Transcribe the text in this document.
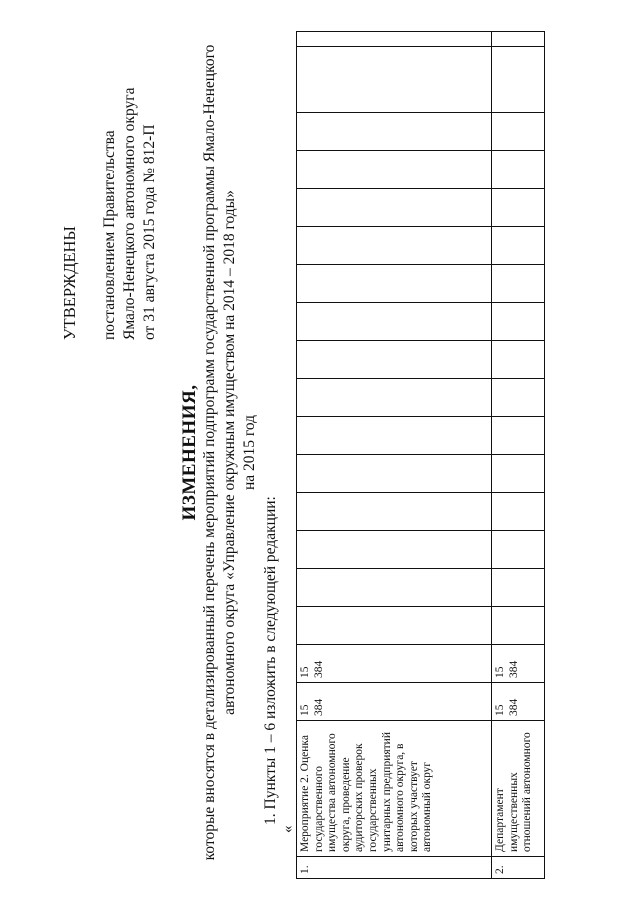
УТВЕРЖДЕНЫ постановлением Правительства Ямало-Ненецкого автономного округа от 31 августа 2015 года № 812-П
ИЗМЕНЕНИЯ, которые вносятся в детализированный перечень мероприятий подпрограмм государственной программы Ямало-Ненецкого автономного округа «Управление окружным имуществом на 2014 – 2018 годы» на 2015 год
1. Пункты 1 – 6 изложить в следующей редакции:
«
1.	Мероприятие 2. Оценка государственного имущества автономного округа, проведение аудиторских проверок государственных унитарных предприятий автономного округа, в которых участвует автономный округ	15 384	15 384																
2.	Департамент имущественных отношений автономного	15 384	15 384																
